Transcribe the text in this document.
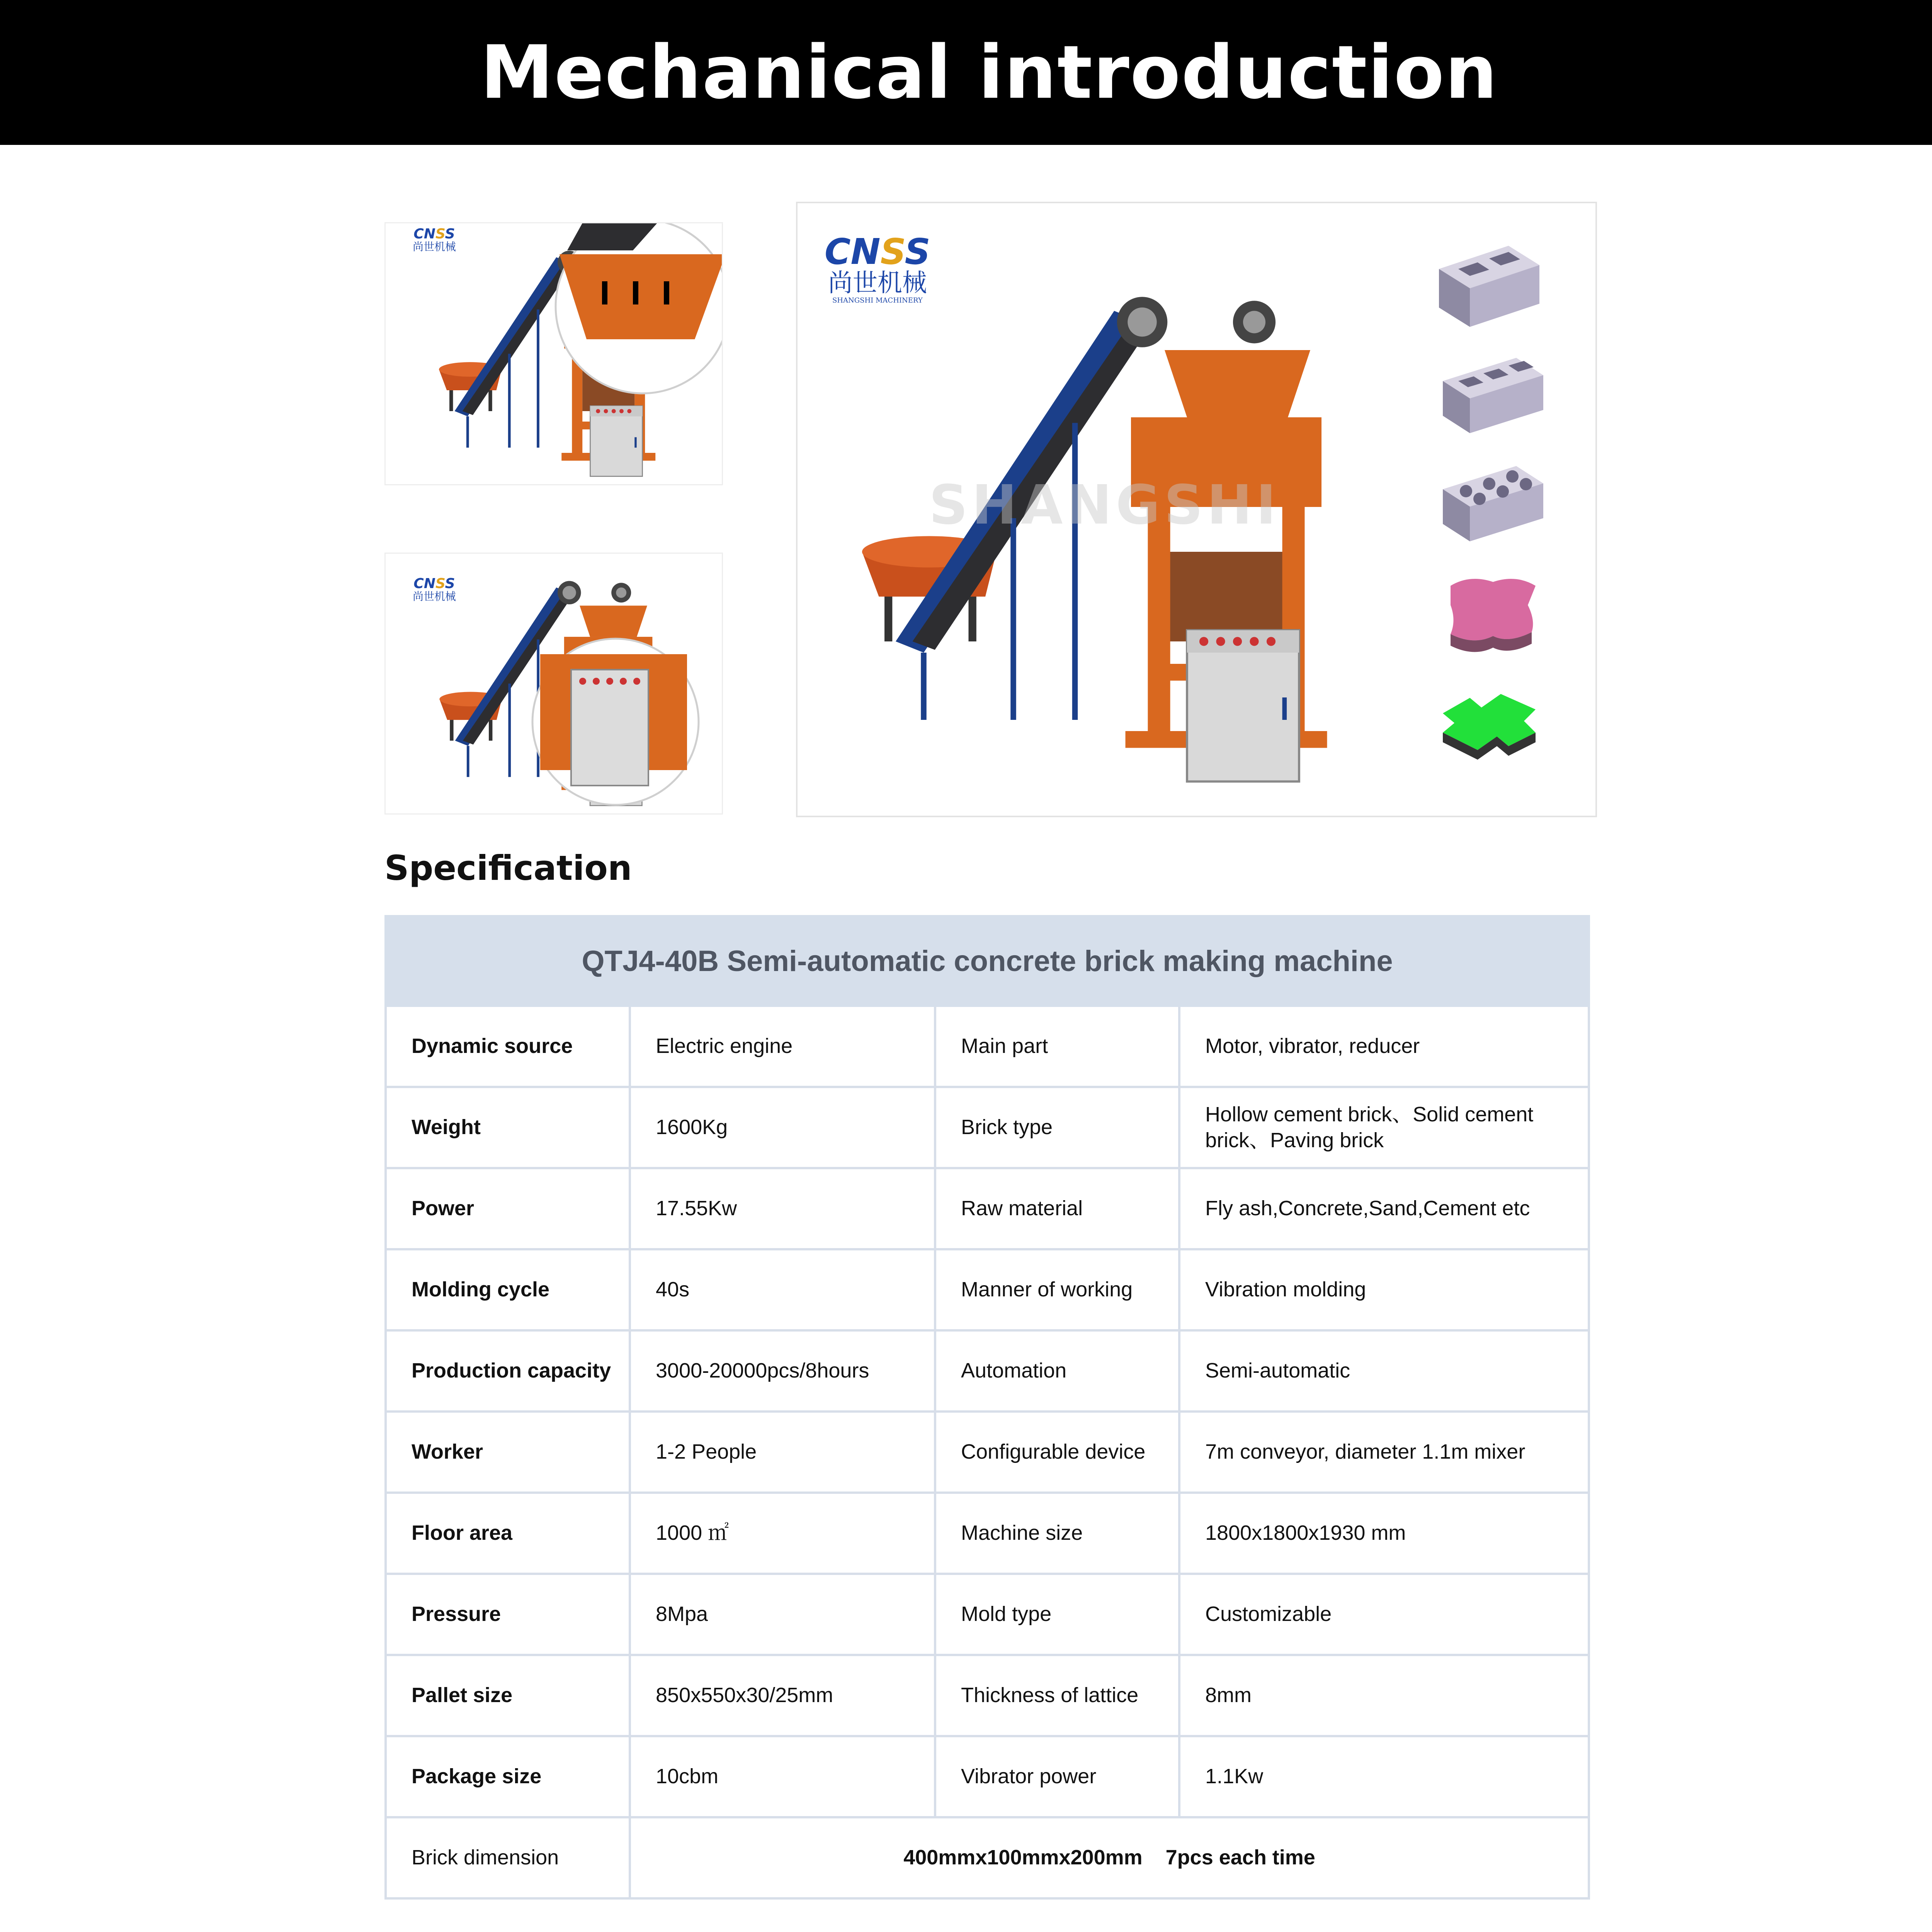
Mechanical introduction
CNSS
尚世机械
CNSS
尚世机械
CNSS
尚世机械
SHANGSHI MACHINERY
SHANGSHI
Specification
QTJ4-40B Semi-automatic concrete brick making machine			
Dynamic source	Electric engine	Main part	Motor, vibrator, reducer
Weight	1600Kg	Brick type	Hollow cement brick、Solid cement brick、Paving brick
Power	17.55Kw	Raw material	Fly ash,Concrete,Sand,Cement etc
Molding cycle	40s	Manner of working	Vibration molding
Production capacity	3000-20000pcs/8hours	Automation	Semi-automatic
Worker	1-2 People	Configurable device	7m conveyor, diameter 1.1m mixer
Floor area	1000 ㎡	Machine size	1800x1800x1930 mm
Pressure	8Mpa	Mold type	Customizable
Pallet size	850x550x30/25mm	Thickness of lattice	8mm
Package size	10cbm	Vibrator power	1.1Kw
Brick dimension	400mmx100mmx200mm    7pcs each time		
